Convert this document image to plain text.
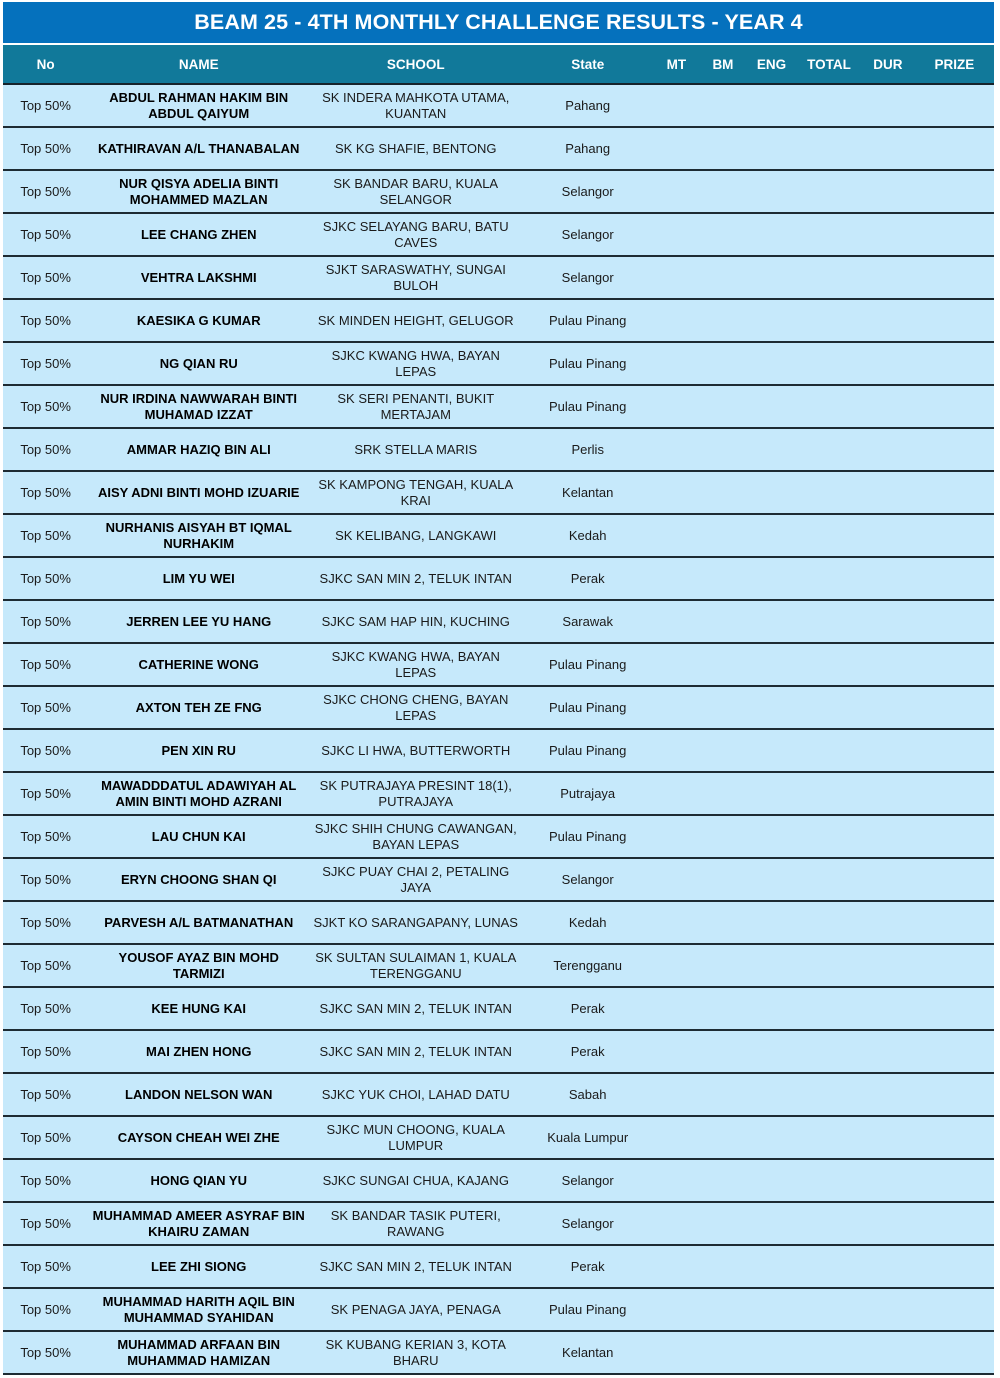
BEAM 25 - 4TH MONTHLY CHALLENGE RESULTS - YEAR 4
No	NAME	SCHOOL	State	MT	BM	ENG	TOTAL	DUR	PRIZE
Top 50%	ABDUL RAHMAN HAKIM BIN ABDUL QAIYUM	SK INDERA MAHKOTA UTAMA, KUANTAN	Pahang						
Top 50%	KATHIRAVAN A/L THANABALAN	SK KG SHAFIE, BENTONG	Pahang						
Top 50%	NUR QISYA ADELIA BINTI MOHAMMED MAZLAN	SK BANDAR BARU, KUALA SELANGOR	Selangor						
Top 50%	LEE CHANG ZHEN	SJKC SELAYANG BARU, BATU CAVES	Selangor						
Top 50%	VEHTRA LAKSHMI	SJKT SARASWATHY, SUNGAI BULOH	Selangor						
Top 50%	KAESIKA G KUMAR	SK MINDEN HEIGHT, GELUGOR	Pulau Pinang						
Top 50%	NG QIAN RU	SJKC KWANG HWA, BAYAN LEPAS	Pulau Pinang						
Top 50%	NUR IRDINA NAWWARAH BINTI MUHAMAD IZZAT	SK SERI PENANTI, BUKIT MERTAJAM	Pulau Pinang						
Top 50%	AMMAR HAZIQ BIN ALI	SRK STELLA MARIS	Perlis						
Top 50%	AISY ADNI BINTI MOHD IZUARIE	SK KAMPONG TENGAH, KUALA KRAI	Kelantan						
Top 50%	NURHANIS AISYAH BT IQMAL NURHAKIM	SK KELIBANG, LANGKAWI	Kedah						
Top 50%	LIM YU WEI	SJKC SAN MIN 2, TELUK INTAN	Perak						
Top 50%	JERREN LEE YU HANG	SJKC SAM HAP HIN, KUCHING	Sarawak						
Top 50%	CATHERINE WONG	SJKC KWANG HWA, BAYAN LEPAS	Pulau Pinang						
Top 50%	AXTON TEH ZE FNG	SJKC CHONG CHENG, BAYAN LEPAS	Pulau Pinang						
Top 50%	PEN XIN RU	SJKC LI HWA, BUTTERWORTH	Pulau Pinang						
Top 50%	MAWADDDATUL ADAWIYAH AL AMIN BINTI MOHD AZRANI	SK PUTRAJAYA PRESINT 18(1), PUTRAJAYA	Putrajaya						
Top 50%	LAU CHUN KAI	SJKC SHIH CHUNG CAWANGAN, BAYAN LEPAS	Pulau Pinang						
Top 50%	ERYN CHOONG SHAN QI	SJKC PUAY CHAI 2, PETALING JAYA	Selangor						
Top 50%	PARVESH A/L BATMANATHAN	SJKT KO SARANGAPANY, LUNAS	Kedah						
Top 50%	YOUSOF AYAZ BIN MOHD TARMIZI	SK SULTAN SULAIMAN 1, KUALA TERENGGANU	Terengganu						
Top 50%	KEE HUNG KAI	SJKC SAN MIN 2, TELUK INTAN	Perak						
Top 50%	MAI ZHEN HONG	SJKC SAN MIN 2, TELUK INTAN	Perak						
Top 50%	LANDON NELSON WAN	SJKC YUK CHOI, LAHAD DATU	Sabah						
Top 50%	CAYSON CHEAH WEI ZHE	SJKC MUN CHOONG, KUALA LUMPUR	Kuala Lumpur						
Top 50%	HONG QIAN YU	SJKC SUNGAI CHUA, KAJANG	Selangor						
Top 50%	MUHAMMAD AMEER ASYRAF BIN KHAIRU ZAMAN	SK BANDAR TASIK PUTERI, RAWANG	Selangor						
Top 50%	LEE ZHI SIONG	SJKC SAN MIN 2, TELUK INTAN	Perak						
Top 50%	MUHAMMAD HARITH AQIL BIN MUHAMMAD SYAHIDAN	SK PENAGA JAYA, PENAGA	Pulau Pinang						
Top 50%	MUHAMMAD ARFAAN BIN MUHAMMAD HAMIZAN	SK KUBANG KERIAN 3, KOTA BHARU	Kelantan						
